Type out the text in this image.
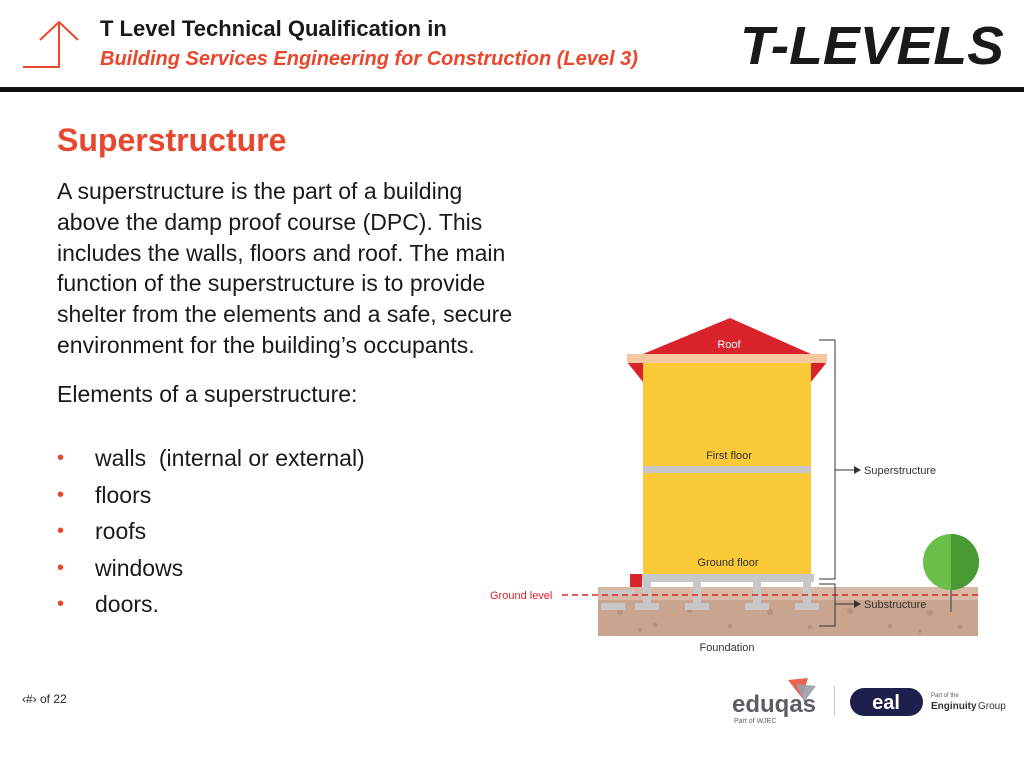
T Level Technical Qualification in
Building Services Engineering for Construction (Level 3) T-LEVELS
Superstructure
A superstructure is the part of a building
above the damp proof course (DPC). This
includes the walls, floors and roof. The main
function of the superstructure is to provide
shelter from the elements and a safe, secure
environment for the building’s occupants.
Elements of a superstructure:
• walls  (internal or external)
• floors
• roofs
• windows
• doors.
Roof
First floor
Ground floor
Ground level
Superstructure
Substructure
Foundation
‹#› of 22	eduqas
Part of WJEC
eal	Part of the
Enginuity Group
